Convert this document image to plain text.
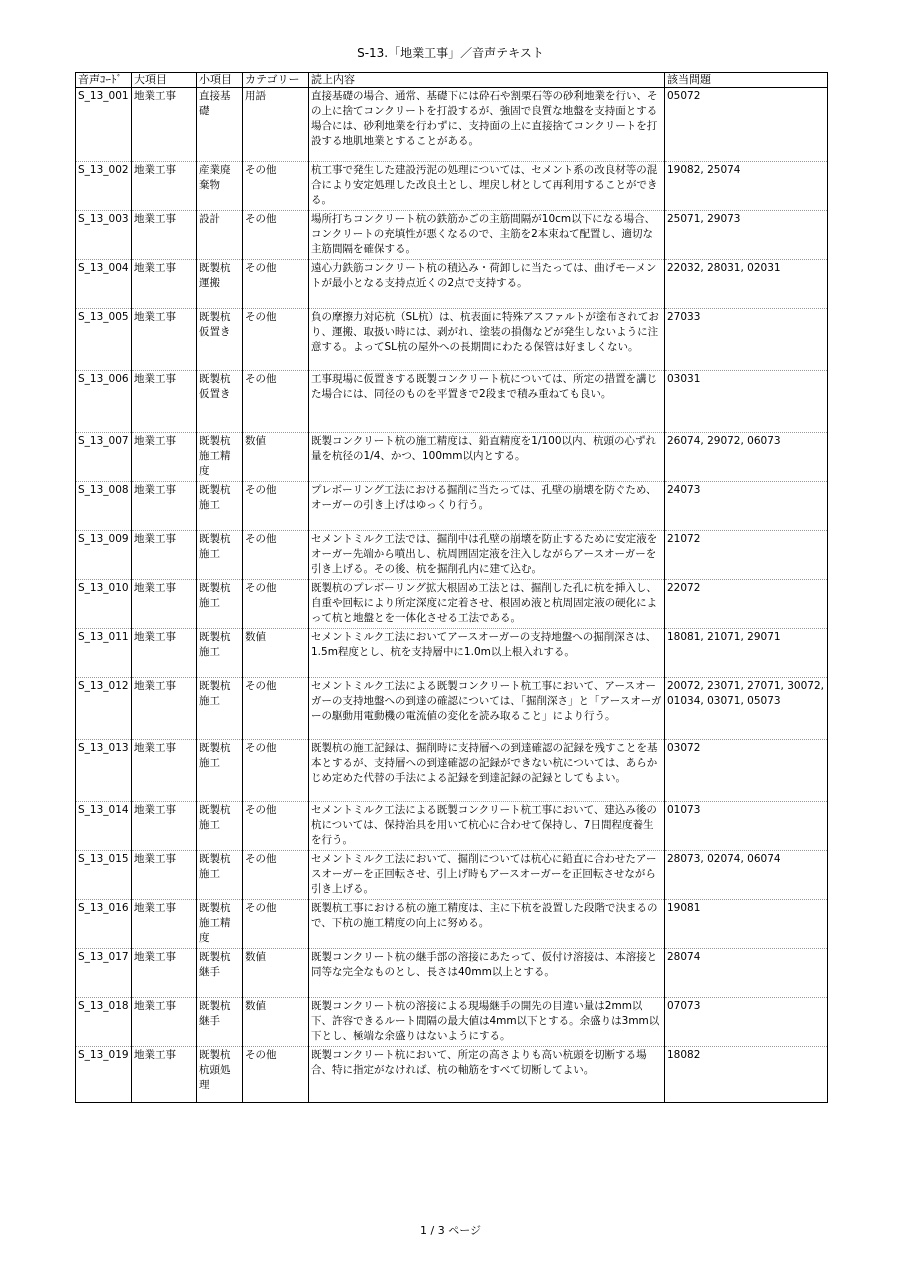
S-13.「地業工事」／音声テキスト
音声ｺｰﾄﾞ	大項目	小項目	カテゴリー	読上内容	該当問題
S_13_001	地業工事	直接基礎	用語	直接基礎の場合、通常、基礎下には砕石や割栗石等の砂利地業を行い、その上に捨てコンクリートを打設するが、強固で良質な地盤を支持面とする場合には、砂利地業を行わずに、支持面の上に直接捨てコンクリートを打設する地肌地業とすることがある。	05072
S_13_002	地業工事	産業廃棄物	その他	杭工事で発生した建設汚泥の処理については、セメント系の改良材等の混合により安定処理した改良土とし、埋戻し材として再利用することができる。	19082, 25074
S_13_003	地業工事	設計	その他	場所打ちコンクリート杭の鉄筋かごの主筋間隔が10cm以下になる場合、コンクリートの充填性が悪くなるので、主筋を2本束ねて配置し、適切な主筋間隔を確保する。	25071, 29073
S_13_004	地業工事	既製杭運搬	その他	遠心力鉄筋コンクリート杭の積込み・荷卸しに当たっては、曲げモーメントが最小となる支持点近くの2点で支持する。	22032, 28031, 02031
S_13_005	地業工事	既製杭仮置き	その他	負の摩擦力対応杭（SL杭）は、杭表面に特殊アスファルトが塗布されており、運搬、取扱い時には、剥がれ、塗装の損傷などが発生しないように注意する。よってSL杭の屋外への長期間にわたる保管は好ましくない。	27033
S_13_006	地業工事	既製杭仮置き	その他	工事現場に仮置きする既製コンクリート杭については、所定の措置を講じた場合には、同径のものを平置きで2段まで積み重ねても良い。	03031
S_13_007	地業工事	既製杭施工精度	数値	既製コンクリート杭の施工精度は、鉛直精度を1/100以内、杭頭の心ずれ量を杭径の1/4、かつ、100mm以内とする。	26074, 29072, 06073
S_13_008	地業工事	既製杭施工	その他	プレボーリング工法における掘削に当たっては、孔壁の崩壊を防ぐため、オーガーの引き上げはゆっくり行う。	24073
S_13_009	地業工事	既製杭施工	その他	セメントミルク工法では、掘削中は孔壁の崩壊を防止するために安定液をオーガー先端から噴出し、杭周囲固定液を注入しながらアースオーガーを引き上げる。その後、杭を掘削孔内に建て込む。	21072
S_13_010	地業工事	既製杭施工	その他	既製杭のプレボーリング拡大根固め工法とは、掘削した孔に杭を挿入し、自重や回転により所定深度に定着させ、根固め液と杭周固定液の硬化によって杭と地盤とを一体化させる工法である。	22072
S_13_011	地業工事	既製杭施工	数値	セメントミルク工法においてアースオーガーの支持地盤への掘削深さは、1.5m程度とし、杭を支持層中に1.0m以上根入れする。	18081, 21071, 29071
S_13_012	地業工事	既製杭施工	その他	セメントミルク工法による既製コンクリート杭工事において、アースオーガーの支持地盤への到達の確認については、「掘削深さ」と「アースオーガーの駆動用電動機の電流値の変化を読み取ること」により行う。	20072, 23071, 27071, 30072, 01034, 03071, 05073
S_13_013	地業工事	既製杭施工	その他	既製杭の施工記録は、掘削時に支持層への到達確認の記録を残すことを基本とするが、支持層への到達確認の記録ができない杭については、あらかじめ定めた代替の手法による記録を到達記録の記録としてもよい。	03072
S_13_014	地業工事	既製杭施工	その他	セメントミルク工法による既製コンクリート杭工事において、建込み後の杭については、保持治具を用いて杭心に合わせて保持し、7日間程度養生を行う。	01073
S_13_015	地業工事	既製杭施工	その他	セメントミルク工法において、掘削については杭心に鉛直に合わせたアースオーガーを正回転させ、引上げ時もアースオーガーを正回転させながら引き上げる。	28073, 02074, 06074
S_13_016	地業工事	既製杭施工精度	その他	既製杭工事における杭の施工精度は、主に下杭を設置した段階で決まるので、下杭の施工精度の向上に努める。	19081
S_13_017	地業工事	既製杭継手	数値	既製コンクリート杭の継手部の溶接にあたって、仮付け溶接は、本溶接と同等な完全なものとし、長さは40mm以上とする。	28074
S_13_018	地業工事	既製杭継手	数値	既製コンクリート杭の溶接による現場継手の開先の目違い量は2mm以下、許容できるルート間隔の最大値は4mm以下とする。余盛りは3mm以下とし、極端な余盛りはないようにする。	07073
S_13_019	地業工事	既製杭杭頭処理	その他	既製コンクリート杭において、所定の高さよりも高い杭頭を切断する場合、特に指定がなければ、杭の軸筋をすべて切断してよい。	18082
1 / 3 ページ
